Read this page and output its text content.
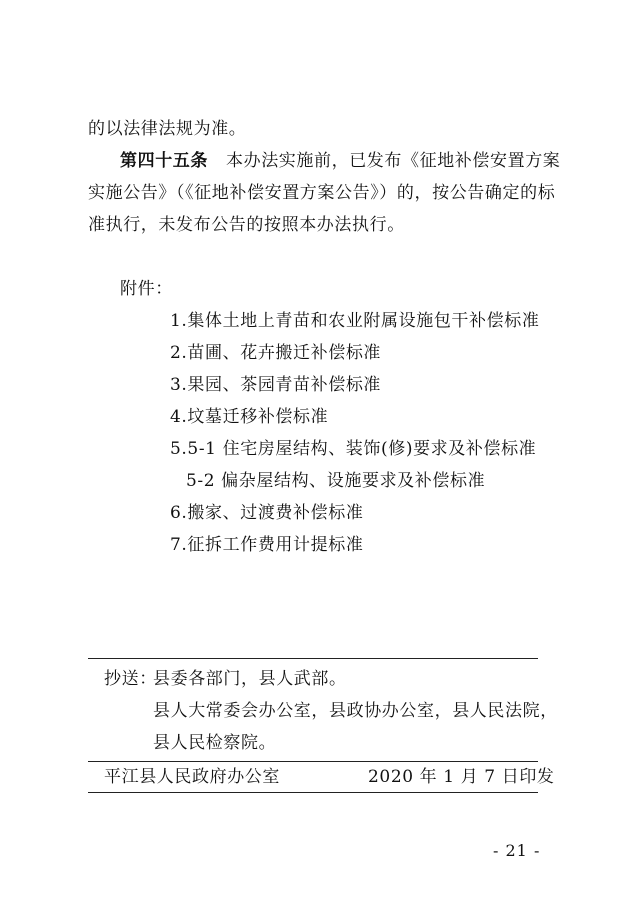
的以法律法规为准。
第四十五条 本办法实施前，已发布《征地补偿安置方案
实施公告》（《征地补偿安置方案公告》）的，按公告确定的标
准执行，未发布公告的按照本办法执行。
附件：
1.集体土地上青苗和农业附属设施包干补偿标准
2.苗圃、花卉搬迁补偿标准
3.果园、茶园青苗补偿标准
4.坟墓迁移补偿标准
5.5-1 住宅房屋结构、装饰(修)要求及补偿标准
5-2 偏杂屋结构、设施要求及补偿标准
6.搬家、过渡费补偿标准
7.征拆工作费用计提标准
抄送：
县委各部门，县人武部。
县人大常委会办公室，县政协办公室，县人民法院，
县人民检察院。
平江县人民政府办公室	2020 年 1 月 7 日印发
- 21 -
